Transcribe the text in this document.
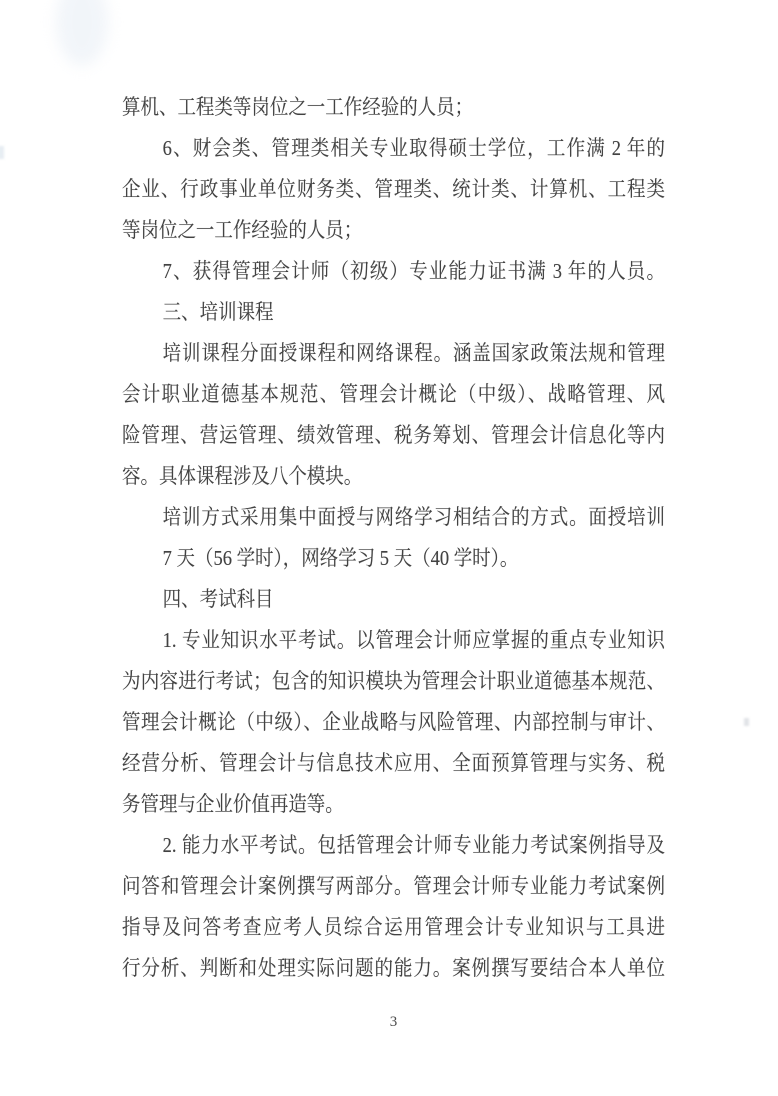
算机、工程类等岗位之一工作经验的人员；
6、财会类、管理类相关专业取得硕士学位，工作满 2 年的
企业、行政事业单位财务类、管理类、统计类、计算机、工程类
等岗位之一工作经验的人员；
7、获得管理会计师（初级）专业能力证书满 3 年的人员。
三、培训课程
培训课程分面授课程和网络课程。涵盖国家政策法规和管理
会计职业道德基本规范、管理会计概论（中级）、战略管理、风
险管理、营运管理、绩效管理、税务筹划、管理会计信息化等内
容。具体课程涉及八个模块。
培训方式采用集中面授与网络学习相结合的方式。面授培训
7 天（56 学时），网络学习 5 天（40 学时）。
四、考试科目
1. 专业知识水平考试。以管理会计师应掌握的重点专业知识
为内容进行考试；包含的知识模块为管理会计职业道德基本规范、
管理会计概论（中级）、企业战略与风险管理、内部控制与审计、
经营分析、管理会计与信息技术应用、全面预算管理与实务、税
务管理与企业价值再造等。
2. 能力水平考试。包括管理会计师专业能力考试案例指导及
问答和管理会计案例撰写两部分。管理会计师专业能力考试案例
指导及问答考查应考人员综合运用管理会计专业知识与工具进
行分析、判断和处理实际问题的能力。案例撰写要结合本人单位
3
